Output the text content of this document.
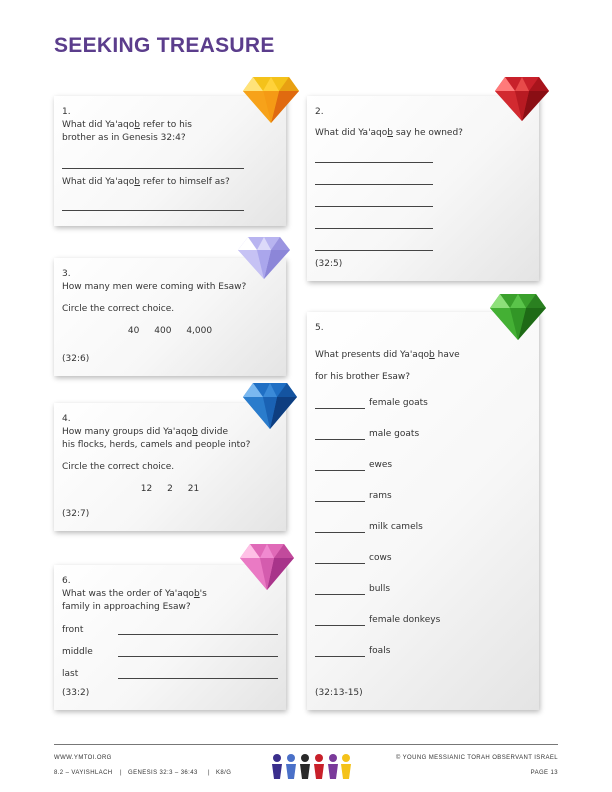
SEEKING TREASURE

1.

What did Ya'aqob refer to his

brother as in Genesis 32:4?

What did Ya'aqob refer to himself as?

2.

What did Ya'aqob say he owned?

(32:5)

3.

How many men were coming with Esaw?

Circle the correct choice.

40 400 4,000

(32:6)

4.

How many groups did Ya'aqob divide

his flocks, herds, camels and people into?

Circle the correct choice.

12 2 21

(32:7)

5.

What presents did Ya'aqob have

for his brother Esaw?

female goats
male goats
ewes
rams
milk camels
cows
bulls
female donkeys
foals

(32:13-15)

6.

What was the order of Ya'aqob's

family in approaching Esaw?

front
middle
last

(33:2)

WWW.YMTOI.ORG
8.2 – VAYISHLACH | GENESIS 32:3 – 36:43 | K8/G
© YOUNG MESSIANIC TORAH OBSERVANT ISRAEL
PAGE 13
